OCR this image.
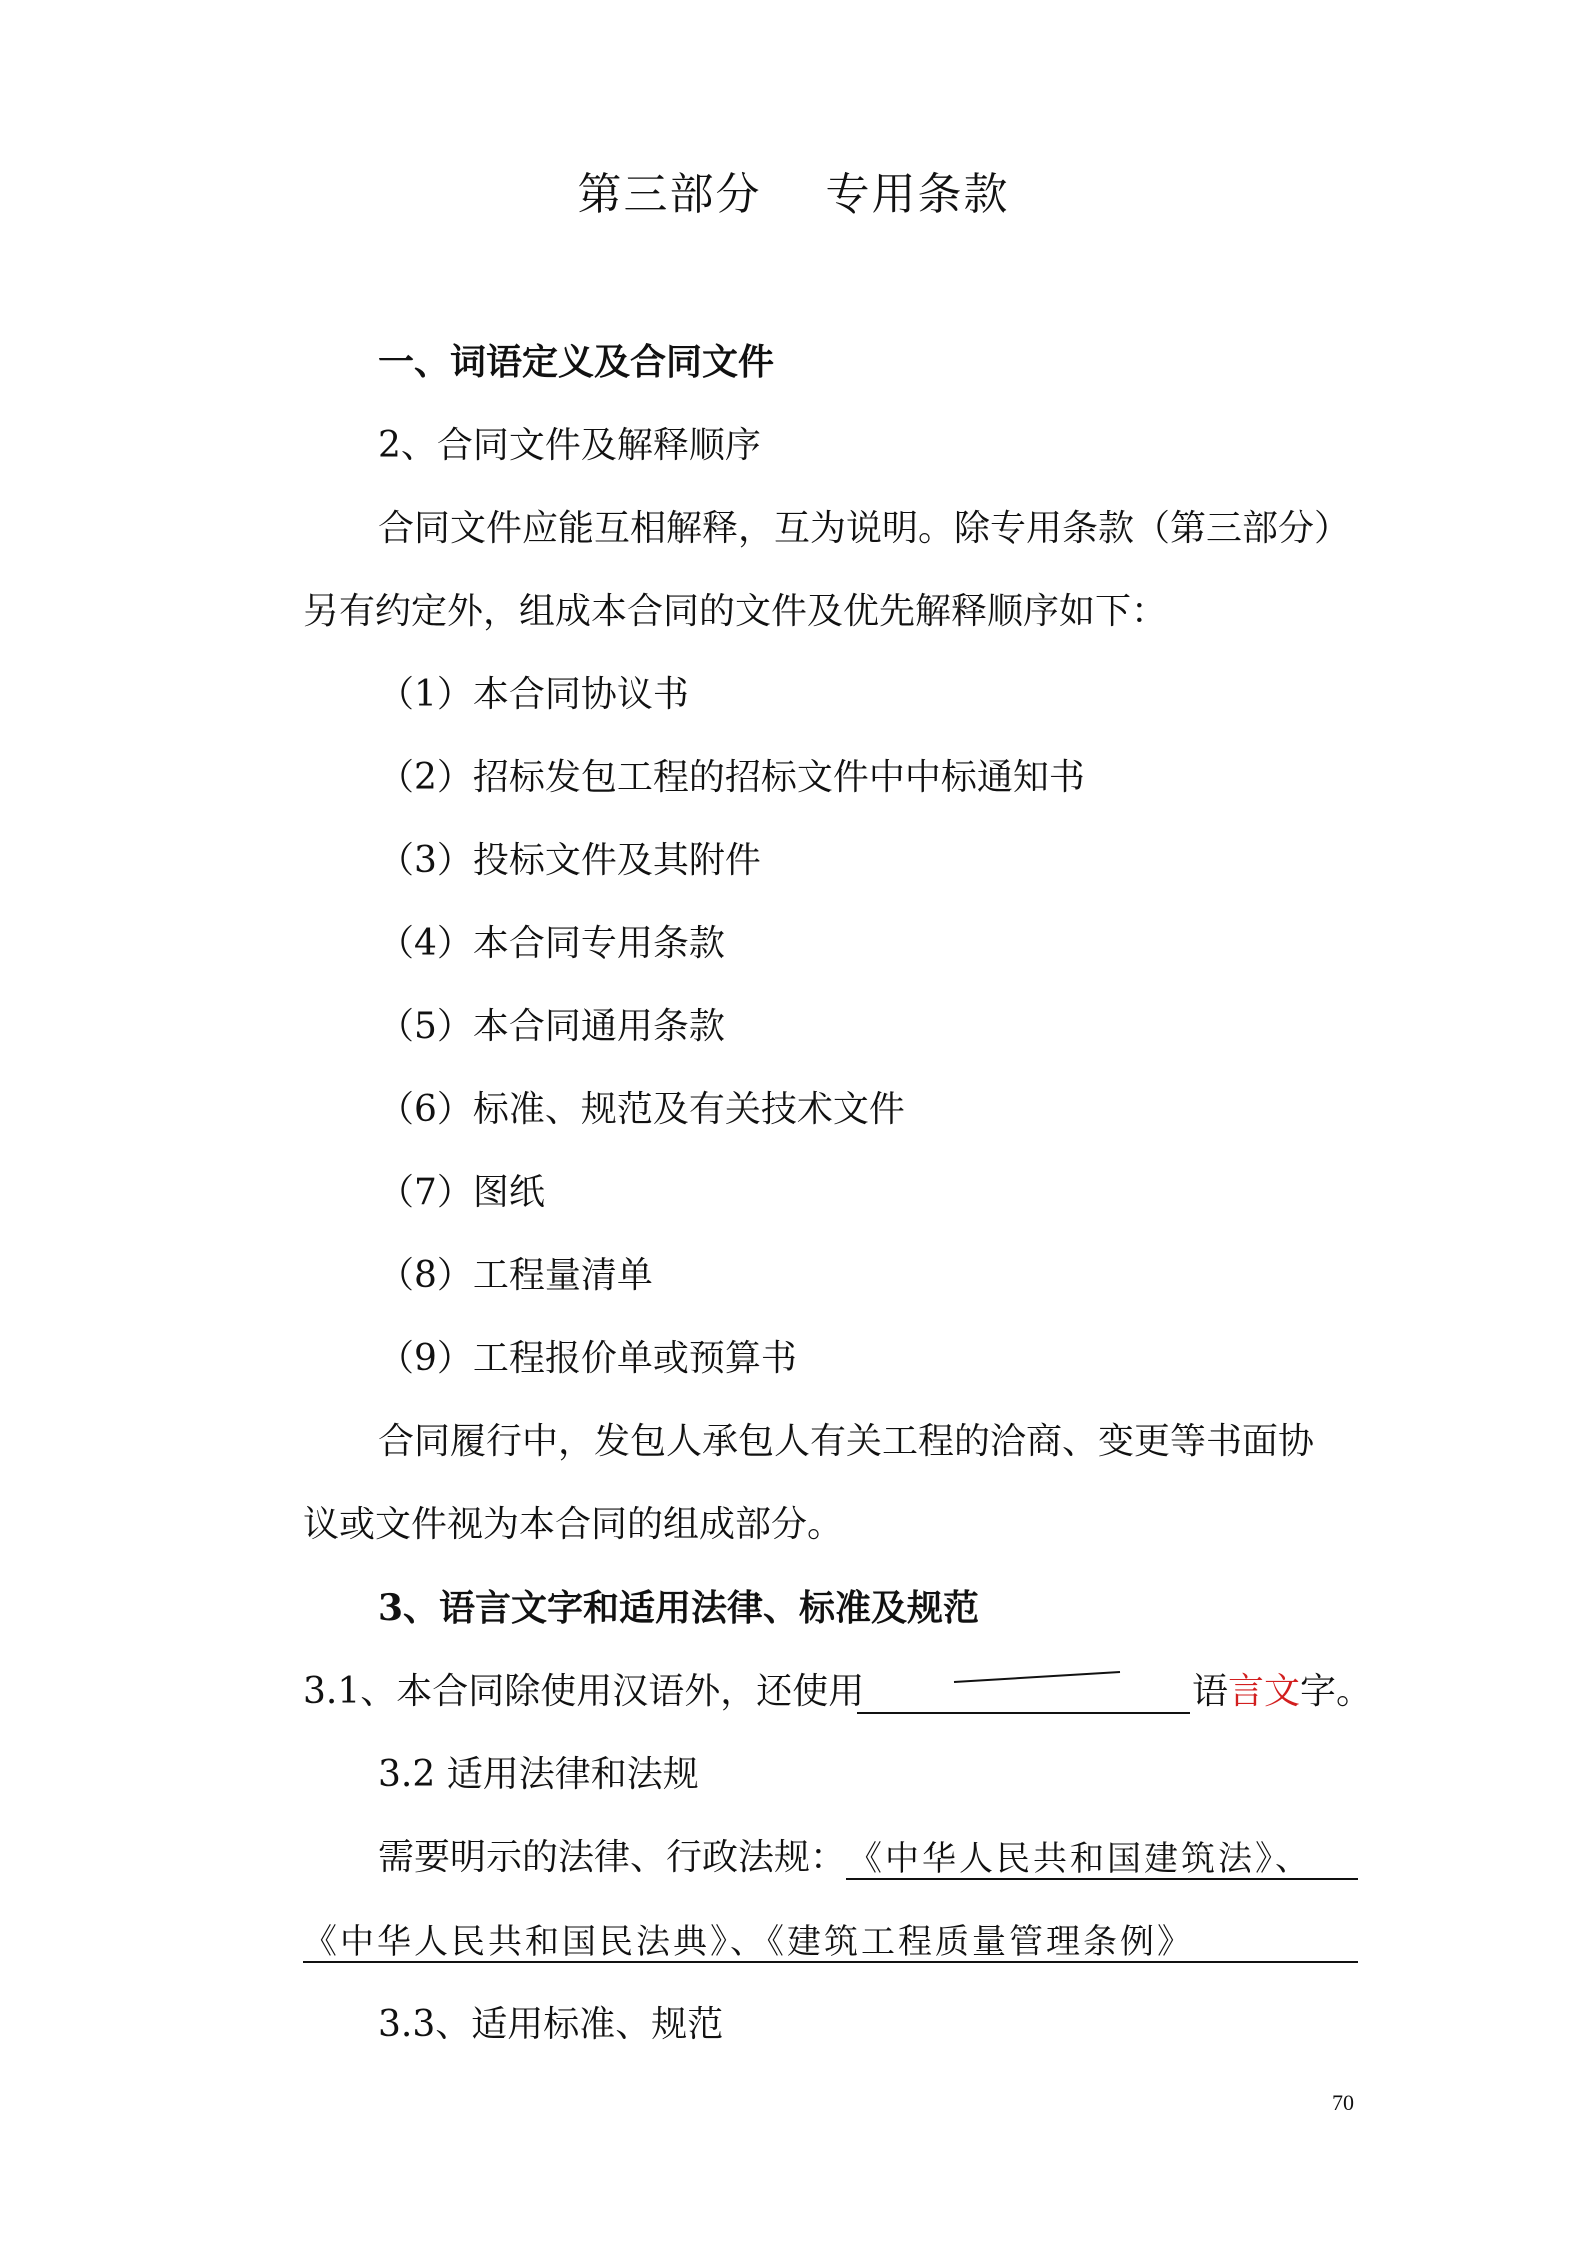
第三部分 专用条款
一、词语定义及合同文件
2、合同文件及解释顺序
合同文件应能互相解释，互为说明。除专用条款（第三部分）
另有约定外，组成本合同的文件及优先解释顺序如下：
（1）本合同协议书
（2）招标发包工程的招标文件中中标通知书
（3）投标文件及其附件
（4）本合同专用条款
（5）本合同通用条款
（6）标准、规范及有关技术文件
（7）图纸
（8）工程量清单
（9）工程报价单或预算书
合同履行中，发包人承包人有关工程的洽商、变更等书面协
议或文件视为本合同的组成部分。
3、语言文字和适用法律、标准及规范
3.1、本合同除使用汉语外，还使用	语言文字。
3.2 适用法律和法规
需要明示的法律、行政法规： 《中华人民共和国建筑法》、
《中华人民共和国民法典》、《建筑工程质量管理条例》
3.3、适用标准、规范
70
